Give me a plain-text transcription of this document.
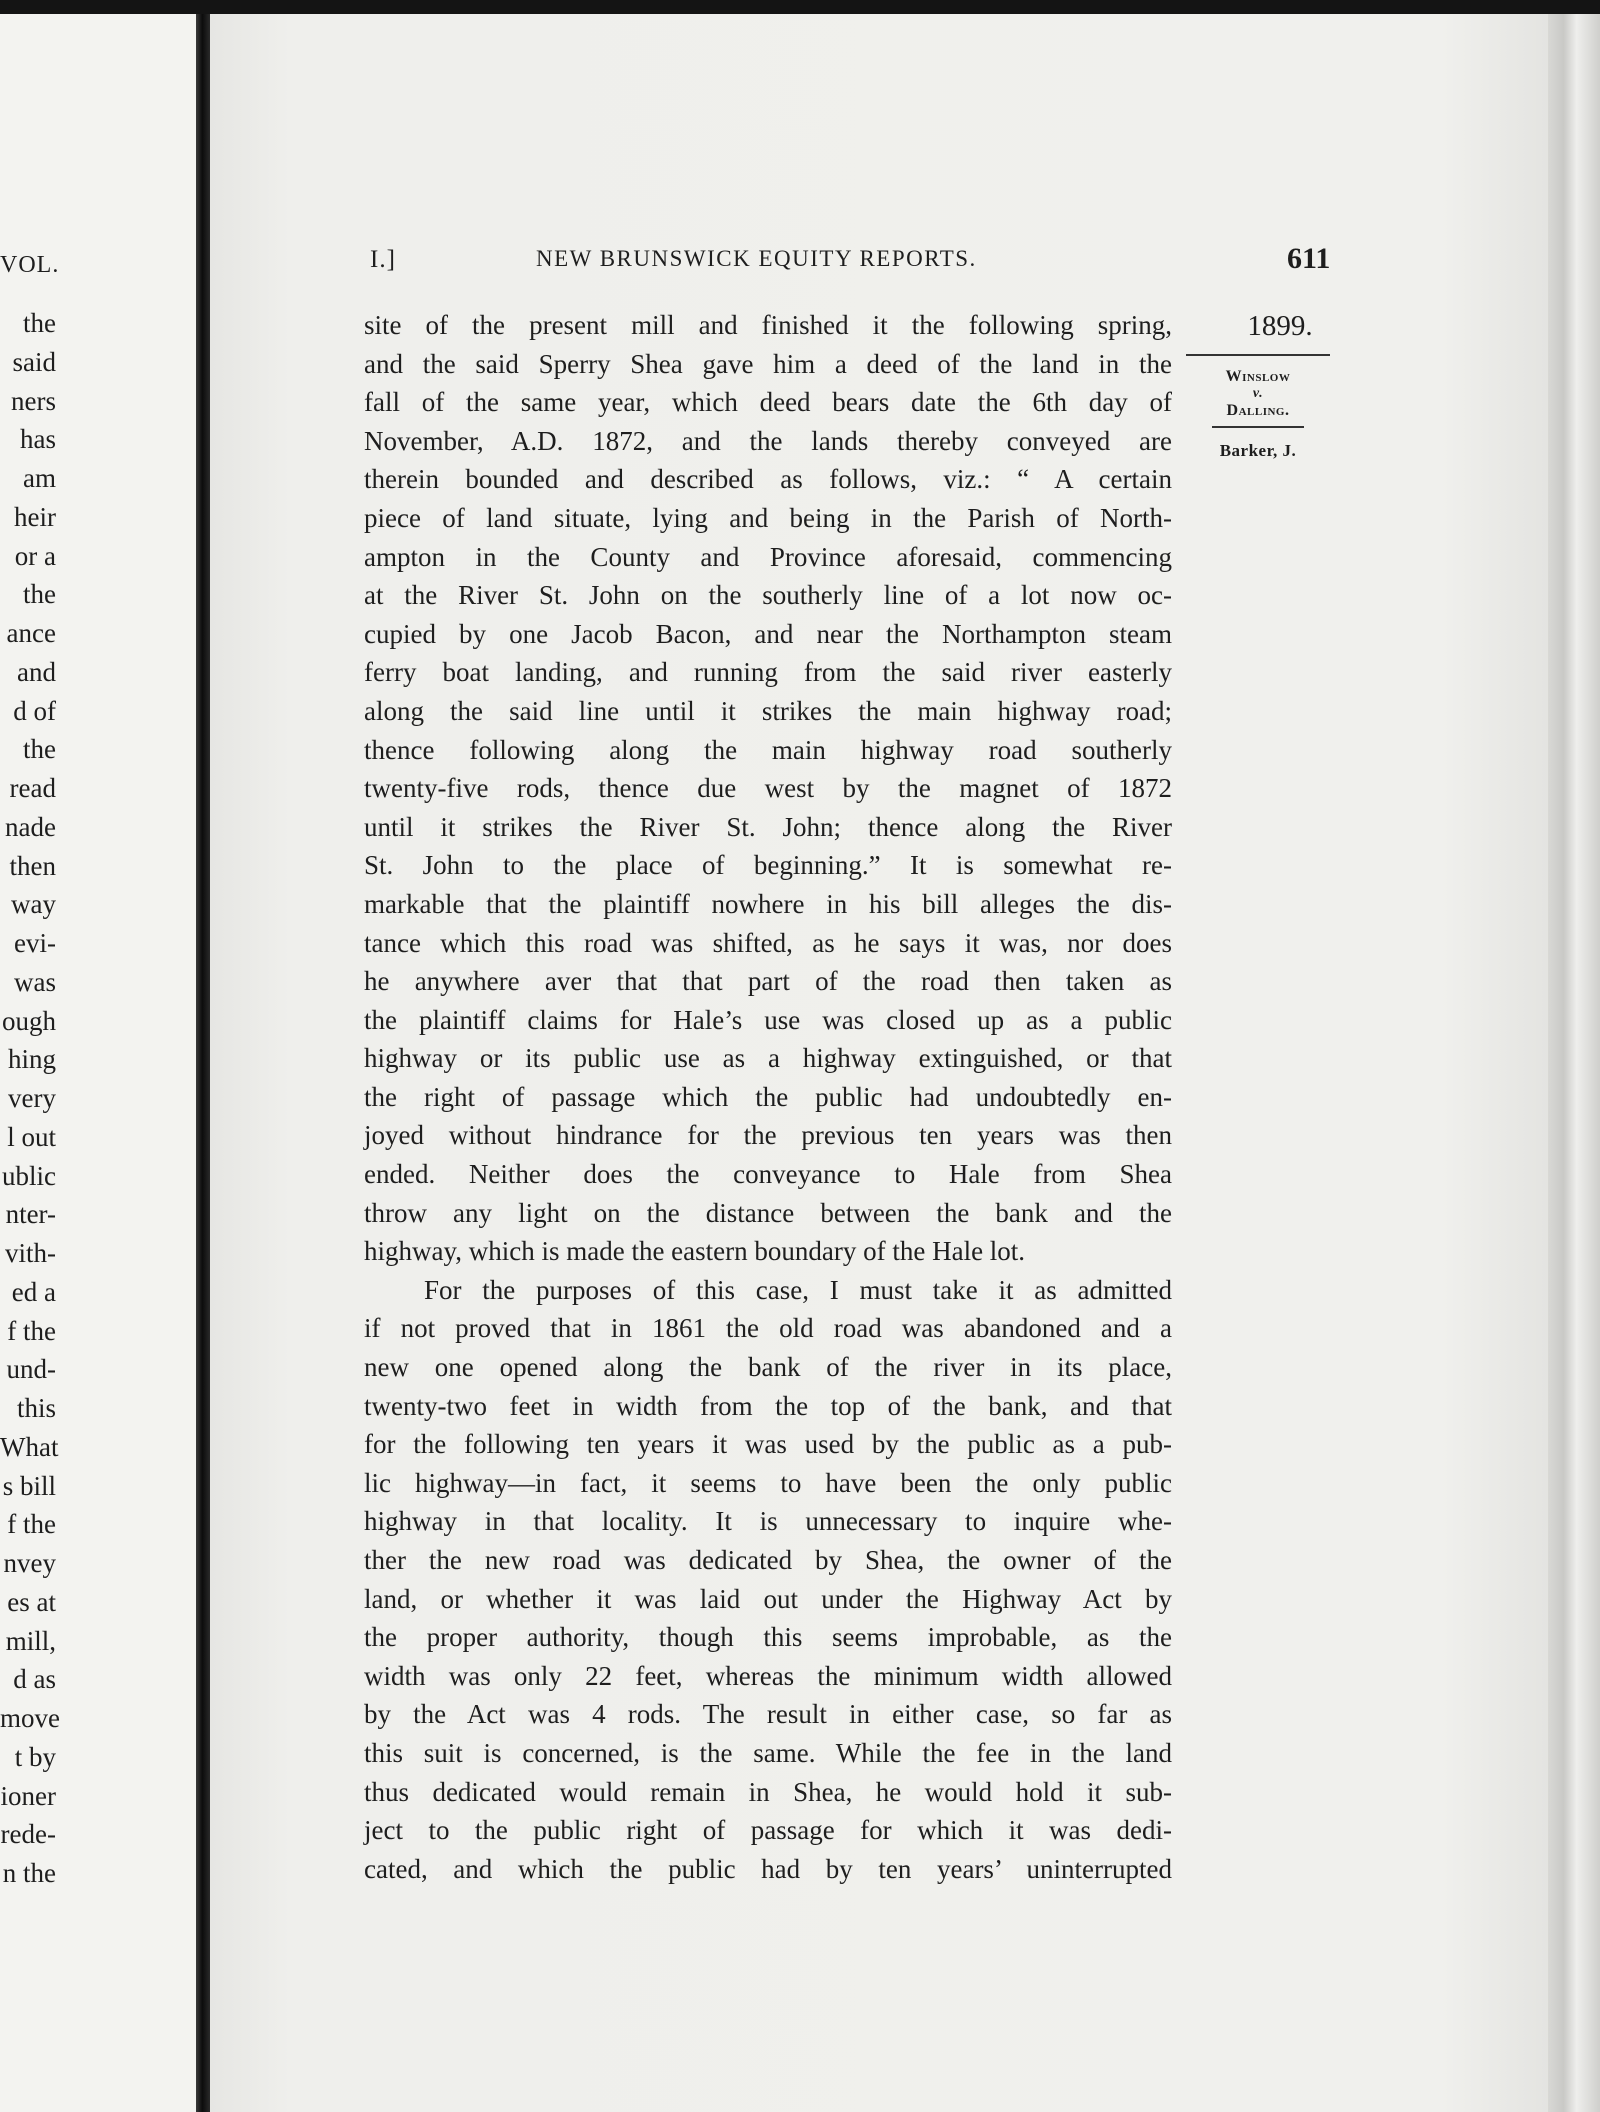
VOL.
the
said
ners
has
am
heir
or a
the
ance
and
d of
the
read
nade
then
way
evi-
was
ough
hing
very
l out
ublic
nter-
vith-
ed a
f the
und-
this
What
s bill
f the
nvey
es at
mill,
d as
move
t by
ioner
rede-
n the
I.]	NEW BRUNSWICK EQUITY REPORTS.	611
1899.
Winslow
v.
Dalling.
Barker, J.
site of the present mill and finished it the following spring,
and the said Sperry Shea gave him a deed of the land in the
fall of the same year, which deed bears date the 6th day of
November, A.D. 1872, and the lands thereby conveyed are
therein bounded and described as follows, viz.: “ A certain
piece of land situate, lying and being in the Parish of North-
ampton in the County and Province aforesaid, commencing
at the River St. John on the southerly line of a lot now oc-
cupied by one Jacob Bacon, and near the Northampton steam
ferry boat landing, and running from the said river easterly
along the said line until it strikes the main highway road;
thence following along the main highway road southerly
twenty-five rods, thence due west by the magnet of 1872
until it strikes the River St. John; thence along the River
St. John to the place of beginning.” It is somewhat re-
markable that the plaintiff nowhere in his bill alleges the dis-
tance which this road was shifted, as he says it was, nor does
he anywhere aver that that part of the road then taken as
the plaintiff claims for Hale’s use was closed up as a public
highway or its public use as a highway extinguished, or that
the right of passage which the public had undoubtedly en-
joyed without hindrance for the previous ten years was then
ended. Neither does the conveyance to Hale from Shea
throw any light on the distance between the bank and the
highway, which is made the eastern boundary of the Hale lot.
For the purposes of this case, I must take it as admitted
if not proved that in 1861 the old road was abandoned and a
new one opened along the bank of the river in its place,
twenty-two feet in width from the top of the bank, and that
for the following ten years it was used by the public as a pub-
lic highway—in fact, it seems to have been the only public
highway in that locality. It is unnecessary to inquire whe-
ther the new road was dedicated by Shea, the owner of the
land, or whether it was laid out under the Highway Act by
the proper authority, though this seems improbable, as the
width was only 22 feet, whereas the minimum width allowed
by the Act was 4 rods. The result in either case, so far as
this suit is concerned, is the same. While the fee in the land
thus dedicated would remain in Shea, he would hold it sub-
ject to the public right of passage for which it was dedi-
cated, and which the public had by ten years’ uninterrupted
